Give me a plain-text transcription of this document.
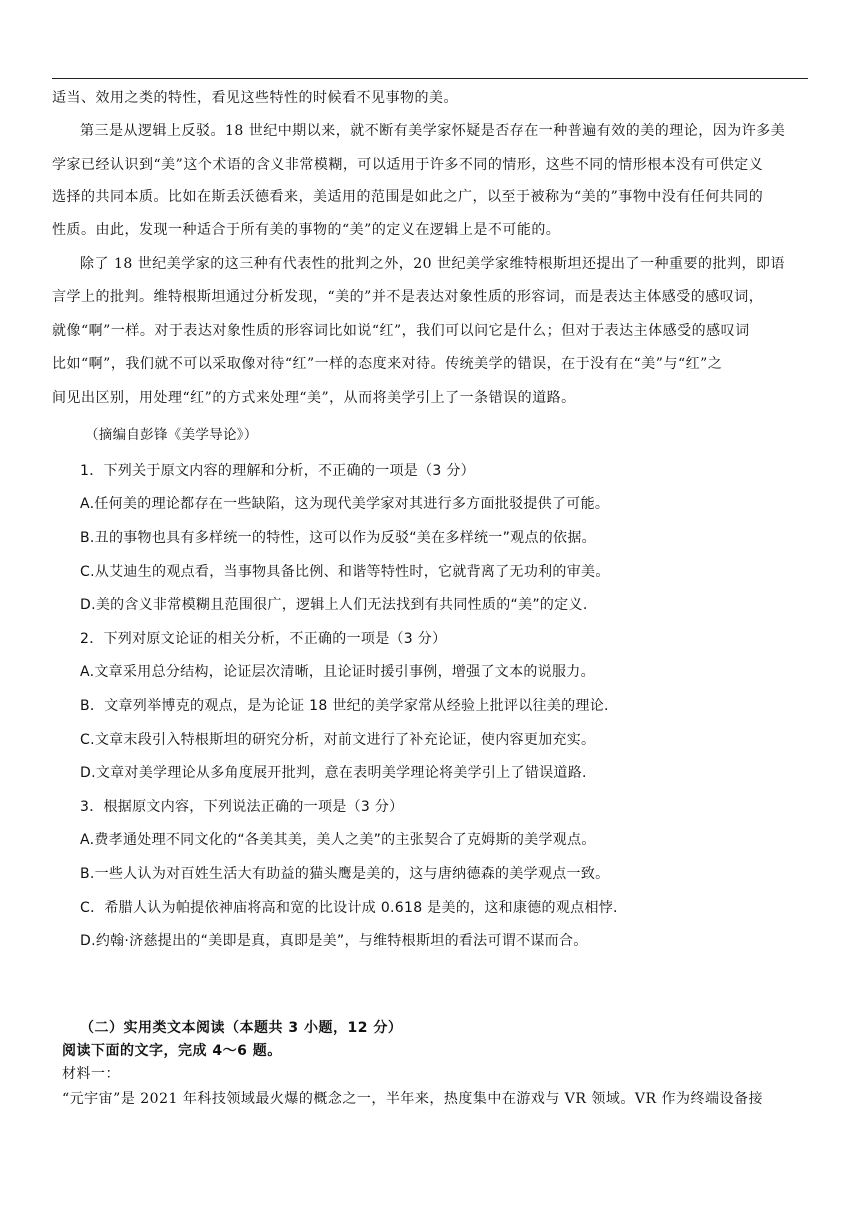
适当、效用之类的特性，看见这些特性的时候看不见事物的美。
第三是从逻辑上反驳。18 世纪中期以来，就不断有美学家怀疑是否存在一种普遍有效的美的理论，因为许多美
学家已经认识到“美”这个术语的含义非常模糊，可以适用于许多不同的情形，这些不同的情形根本没有可供定义
选择的共同本质。比如在斯丢沃德看来，美适用的范围是如此之广，以至于被称为“美的”事物中没有任何共同的
性质。由此，发现一种适合于所有美的事物的“美”的定义在逻辑上是不可能的。
除了 18 世纪美学家的这三种有代表性的批判之外，20 世纪美学家维特根斯坦还提出了一种重要的批判，即语
言学上的批判。维特根斯坦通过分析发现，“美的”并不是表达对象性质的形容词，而是表达主体感受的感叹词，
就像“啊”一样。对于表达对象性质的形容词比如说“红”，我们可以问它是什么；但对于表达主体感受的感叹词
比如“啊”，我们就不可以采取像对待“红”一样的态度来对待。传统美学的错误，在于没有在“美”与“红”之
间见出区别，用处理“红”的方式来处理“美”，从而将美学引上了一条错误的道路。
（摘编自彭锋《美学导论》）
1．下列关于原文内容的理解和分析，不正确的一项是（3 分）
A.任何美的理论都存在一些缺陷，这为现代美学家对其进行多方面批驳提供了可能。
B.丑的事物也具有多样统一的特性，这可以作为反驳“美在多样统一”观点的依据。
C.从艾迪生的观点看，当事物具备比例、和谐等特性时，它就背离了无功利的审美。
D.美的含义非常模糊且范围很广，逻辑上人们无法找到有共同性质的“美”的定义.
2．下列对原文论证的相关分析，不正确的一项是（3 分）
A.文章采用总分结构，论证层次清晰，且论证时援引事例，增强了文本的说服力。
B．文章列举博克的观点，是为论证 18 世纪的美学家常从经验上批评以往美的理论.
C.文章末段引入特根斯坦的研究分析，对前文进行了补充论证，使内容更加充实。
D.文章对美学理论从多角度展开批判，意在表明美学理论将美学引上了错误道路.
3．根据原文内容，下列说法正确的一项是（3 分）
A.费孝通处理不同文化的“各美其美，美人之美”的主张契合了克姆斯的美学观点。
B.一些人认为对百姓生活大有助益的猫头鹰是美的，这与唐纳德森的美学观点一致。
C．希腊人认为帕提依神庙将高和宽的比设计成 0.618 是美的，这和康德的观点相悖.
D.约翰·济慈提出的“美即是真，真即是美”，与维特根斯坦的看法可谓不谋而合。
（二）实用类文本阅读（本题共 3 小题，12 分）
阅读下面的文字，完成 4～6 题。
材料一：
“元宇宙”是 2021 年科技领域最火爆的概念之一，半年来，热度集中在游戏与 VR 领域。VR 作为终端设备接
